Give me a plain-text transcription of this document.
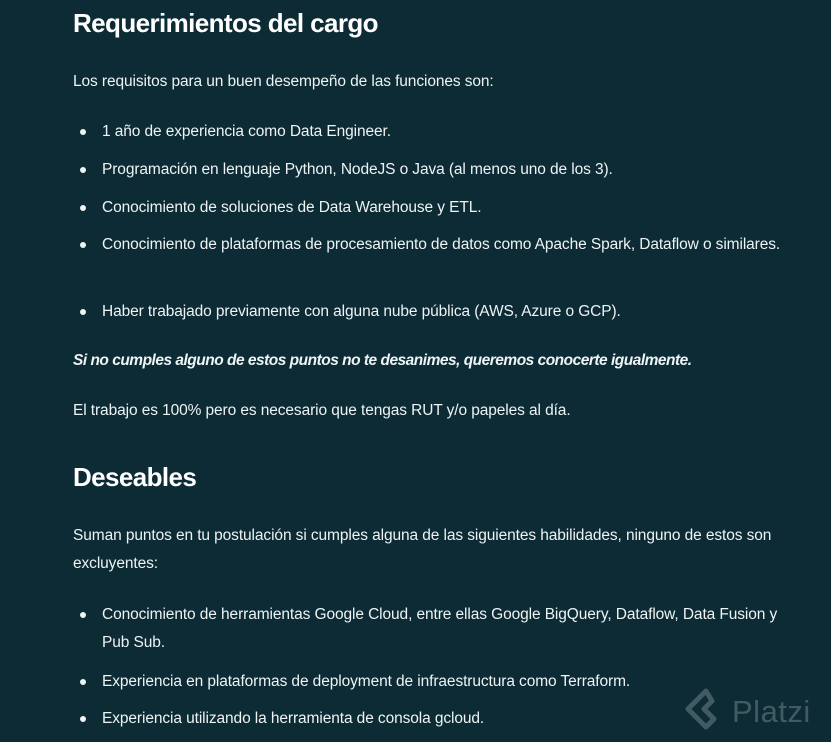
Requerimientos del cargo

Los requisitos para un buen desempeño de las funciones son:

1 año de experiencia como Data Engineer.
Programación en lenguaje Python, NodeJS o Java (al menos uno de los 3).
Conocimiento de soluciones de Data Warehouse y ETL.
Conocimiento de plataformas de procesamiento de datos como Apache Spark, Dataflow o similares.
Haber trabajado previamente con alguna nube pública (AWS, Azure o GCP).

Si no cumples alguno de estos puntos no te desanimes, queremos conocerte igualmente.

El trabajo es 100% pero es necesario que tengas RUT y/o papeles al día.

Deseables

Suman puntos en tu postulación si cumples alguna de las siguientes habilidades, ninguno de estos son excluyentes:

Conocimiento de herramientas Google Cloud, entre ellas Google BigQuery, Dataflow, Data Fusion y Pub Sub.
Experiencia en plataformas de deployment de infraestructura como Terraform.
Experiencia utilizando la herramienta de consola gcloud.	Platzi
